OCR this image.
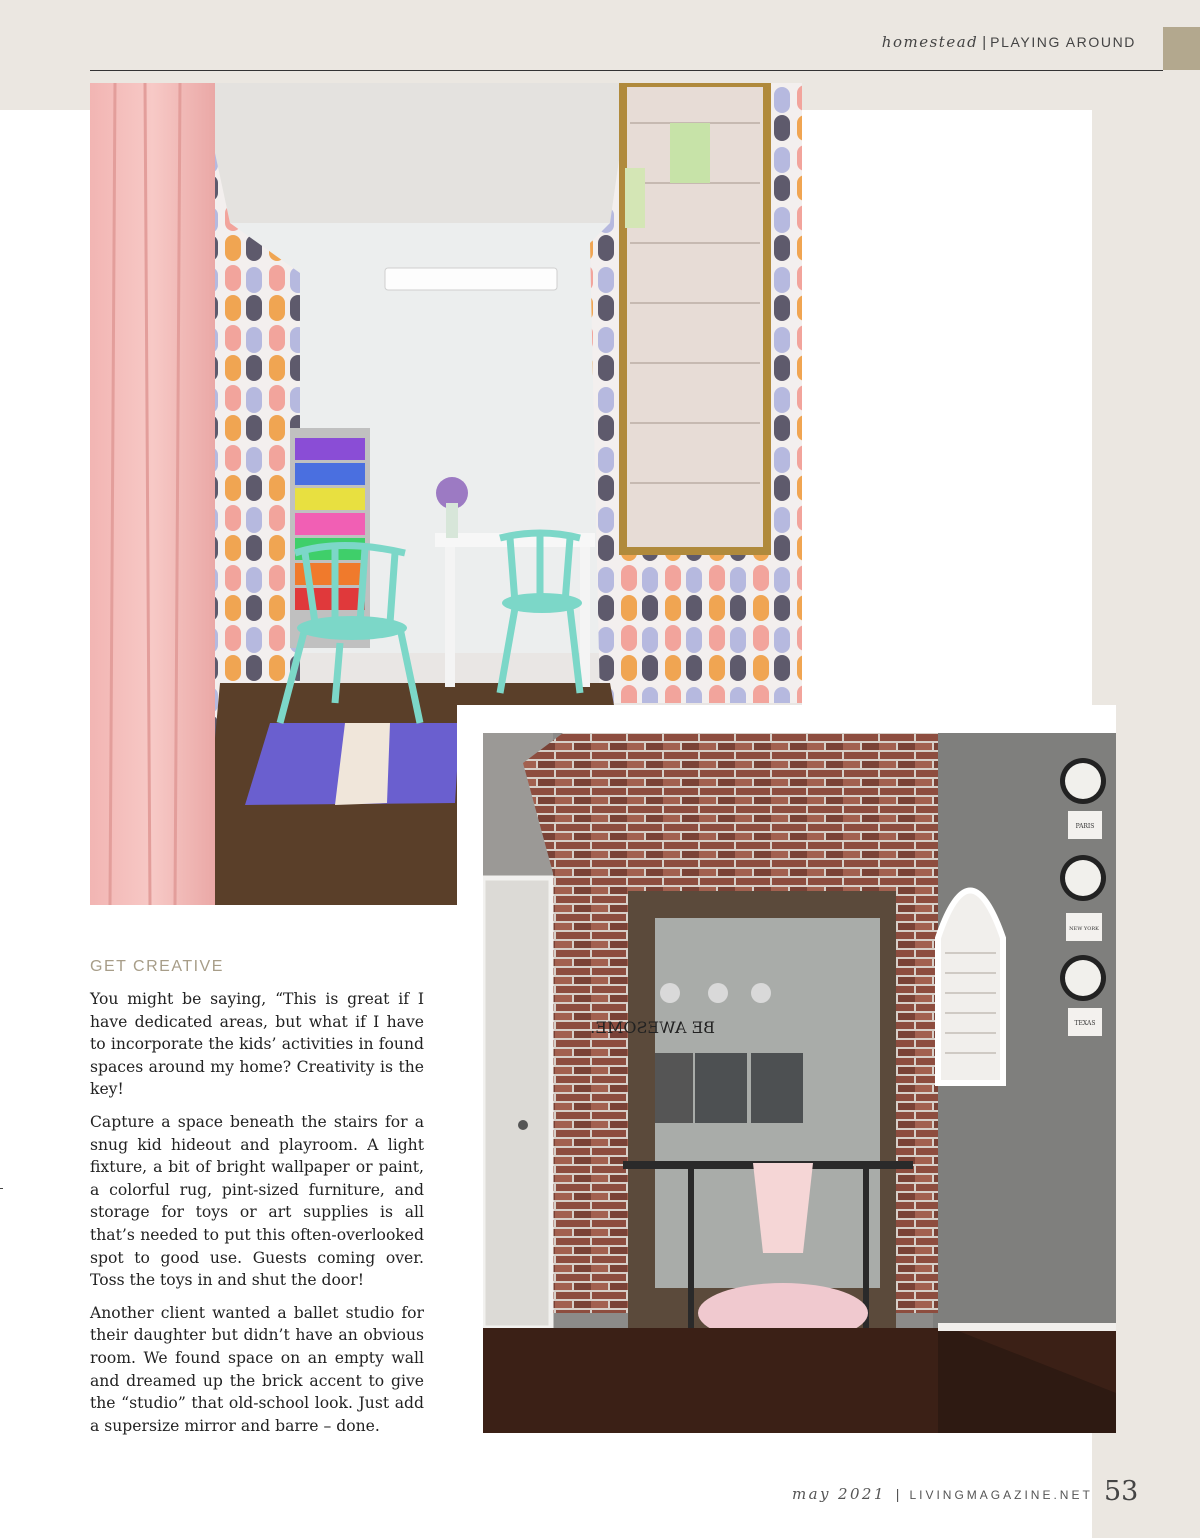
homestead | PLAYING AROUND
PARIS
NEW YORK
TEXAS
BE AWESOME.

GET CREATIVE

You might be saying, “This is great if I have dedicated areas, but what if I have to incorporate the kids’ activities in found spaces around my home? Creativity is the key!

Capture a space beneath the stairs for a snug kid hideout and playroom. A light fixture, a bit of bright wallpaper or paint, a colorful rug, pint-sized furniture, and storage for toys or art supplies is all that’s needed to put this often-overlooked spot to good use. Guests coming over. Toss the toys in and shut the door!

Another client wanted a ballet studio for their daughter but didn’t have an obvious room. We found space on an empty wall and dreamed up the brick accent to give the “studio” that old-school look. Just add a supersize mirror and barre – done.

may 2021 | LIVINGMAGAZINE.NET 53
